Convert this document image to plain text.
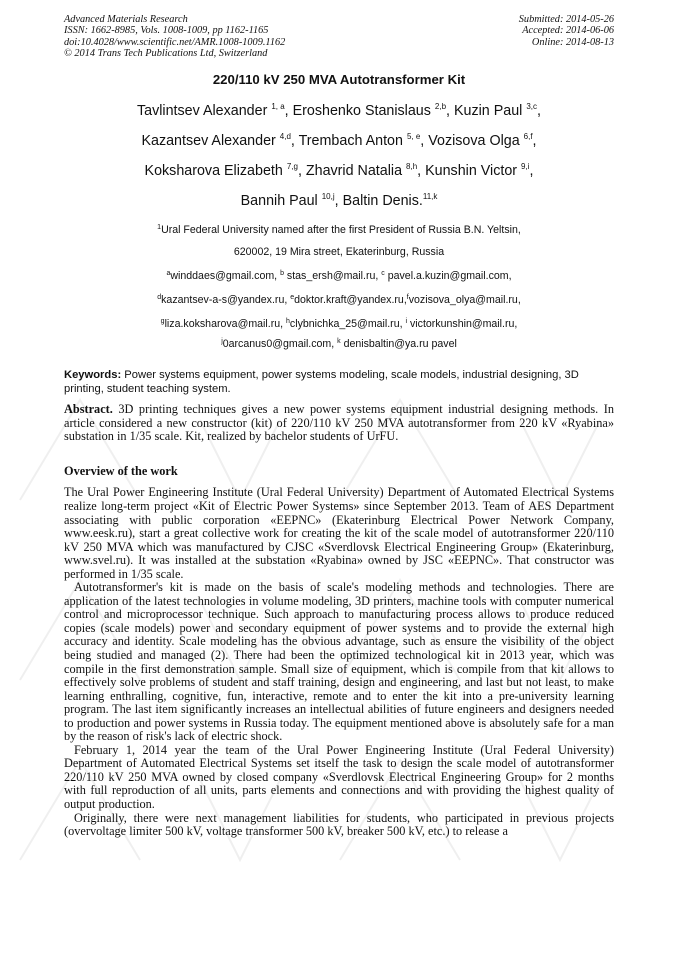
Advanced Materials Research
ISSN: 1662-8985, Vols. 1008-1009, pp 1162-1165
doi:10.4028/www.scientific.net/AMR.1008-1009.1162
© 2014 Trans Tech Publications Ltd, Switzerland
Submitted: 2014-05-26
Accepted: 2014-06-06
Online: 2014-08-13
220/110 kV 250 MVA Autotransformer Kit
Tavlintsev Alexander $^{1, a}$, Eroshenko Stanislaus $^{2,b}$, Kuzin Paul $^{3,c}$,
Kazantsev Alexander $^{4,d}$, Trembach Anton $^{5, e}$, Vozisova Olga $^{6,f}$,
Koksharova Elizabeth $^{7,g}$, Zhavrid Natalia $^{8,h}$, Kunshin Victor $^{9,i}$,
Bannih Paul $^{10,j}$, Baltin Denis.$^{11,k}$
$^1$Ural Federal University named after the first President of Russia B.N. Yeltsin,
620002, 19 Mira street, Ekaterinburg, Russia
$^a$winddaes@gmail.com, $^b$ stas_ersh@mail.ru, $^c$ pavel.a.kuzin@gmail.com,
$^d$kazantsev-a-s@yandex.ru, $^e$doktor.kraft@yandex.ru,$^f$vozisova_olya@mail.ru,
$^g$liza.koksharova@mail.ru, $^h$clybnichka_25@mail.ru, $^i$ victorkunshin@mail.ru,
$^j$0arcanus0@gmail.com, $^k$ denisbaltin@ya.ru pavel
Keywords: Power systems equipment, power systems modeling, scale models, industrial designing, 3D printing, student teaching system.
Abstract. 3D printing techniques gives a new power systems equipment industrial designing methods. In article considered a new constructor (kit) of 220/110 kV 250 MVA autotransformer from 220 kV «Ryabina» substation in 1/35 scale. Kit, realized by bachelor students of UrFU.
Overview of the work

The Ural Power Engineering Institute (Ural Federal University) Department of Automated Electrical Systems realize long-term project «Kit of Electric Power Systems» since September 2013. Team of AES Department associating with public corporation «EEPNC» (Ekaterinburg Electrical Power Network Company, www.eesk.ru), start a great collective work for creating the kit of the scale model of autotransformer 220/110 kV 250 MVA which was manufactured by CJSC «Sverdlovsk Electrical Engineering Group» (Ekaterinburg, www.svel.ru). It was installed at the substation «Ryabina» owned by JSC «EEPNC». That constructor was performed in 1/35 scale.

Autotransformer's kit is made on the basis of scale's modeling methods and technologies. There are application of the latest technologies in volume modeling, 3D printers, machine tools with computer numerical control and microprocessor technique. Such approach to manufacturing process allows to produce reduced copies (scale models) power and secondary equipment of power systems and to provide the external high accuracy and identity. Scale modeling has the obvious advantage, such as ensure the visibility of the object being studied and managed (2). There had been the optimized technological kit in 2013 year, which was compile in the first demonstration sample. Small size of equipment, which is compile from that kit allows to effectively solve problems of student and staff training, design and engineering, and last but not least, to make learning enthralling, cognitive, fun, interactive, remote and to enter the kit into a pre-university learning program. The last item significantly increases an intellectual abilities of future engineers and designers needed to production and power systems in Russia today. The equipment mentioned above is absolutely safe for a man by the reason of risk's lack of electric shock.

February 1, 2014 year the team of the Ural Power Engineering Institute (Ural Federal University) Department of Automated Electrical Systems set itself the task to design the scale model of autotransformer 220/110 kV 250 MVA owned by closed company «Sverdlovsk Electrical Engineering Group» for 2 months with full reproduction of all units, parts elements and connections and with providing the highest quality of output production.

Originally, there were next management liabilities for students, who participated in previous projects (overvoltage limiter 500 kV, voltage transformer 500 kV, breaker 500 kV, etc.) to release a
